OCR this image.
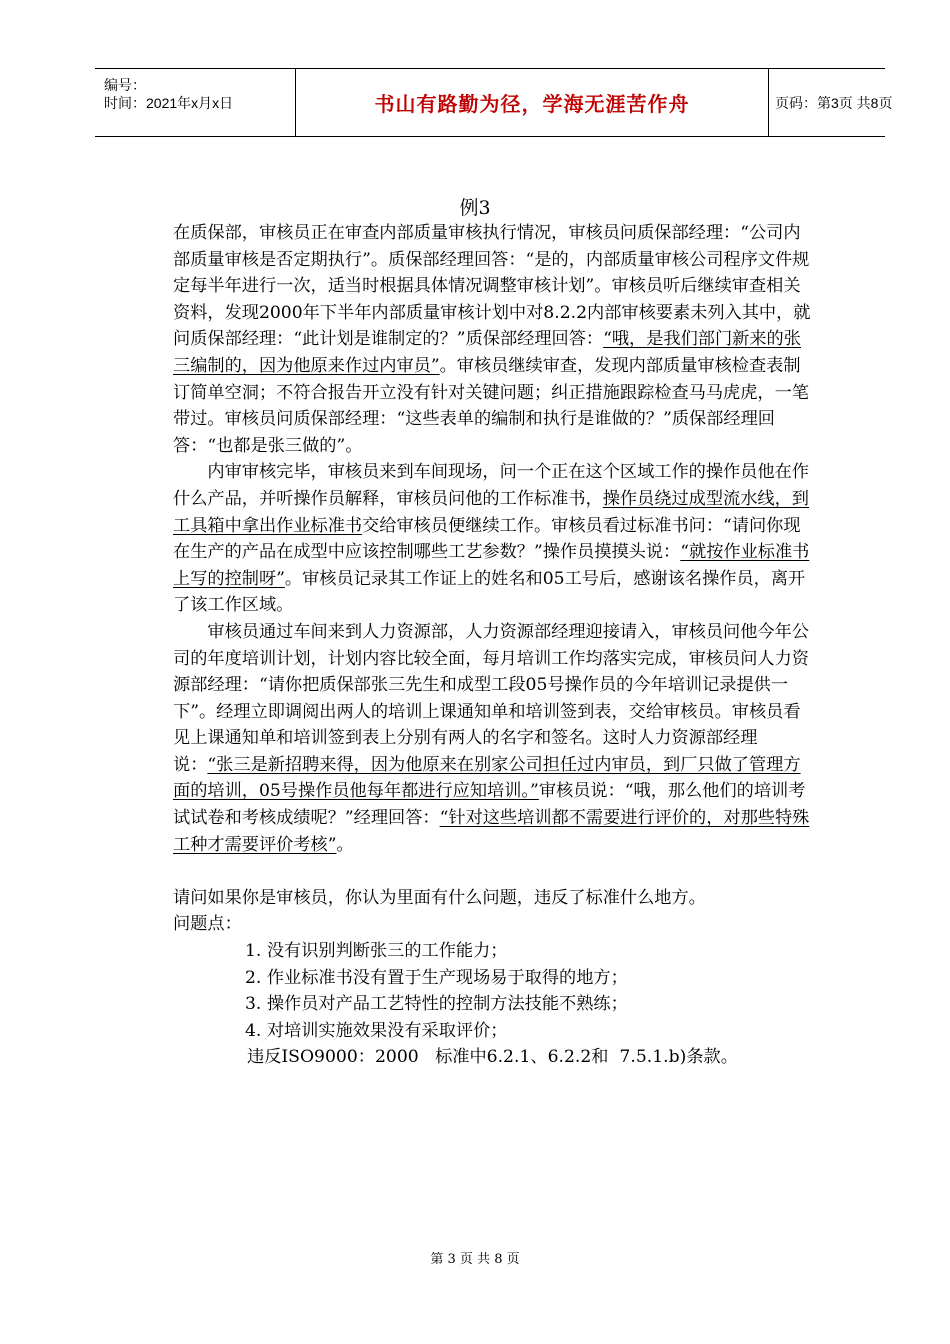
编号：
时间：2021年x月x日	书山有路勤为径，学海无涯苦作舟	页码：第3页 共8页
例3

在质保部，审核员正在审查内部质量审核执行情况，审核员问质保部经理：“公司内部质量审核是否定期执行”。质保部经理回答：“是的，内部质量审核公司程序文件规定每半年进行一次，适当时根据具体情况调整审核计划”。审核员听后继续审查相关资料，发现2000年下半年内部质量审核计划中对8.2.2内部审核要素未列入其中，就问质保部经理：“此计划是谁制定的？”质保部经理回答：“哦，是我们部门新来的张三编制的，因为他原来作过内审员”。审核员继续审查，发现内部质量审核检查表制订简单空洞；不符合报告开立没有针对关键问题；纠正措施跟踪检查马马虎虎，一笔带过。审核员问质保部经理：“这些表单的编制和执行是谁做的？”质保部经理回答：“也都是张三做的”。

内审审核完毕，审核员来到车间现场，问一个正在这个区域工作的操作员他在作什么产品，并听操作员解释，审核员问他的工作标准书，操作员绕过成型流水线，到工具箱中拿出作业标准书交给审核员便继续工作。审核员看过标准书问：“请问你现在生产的产品在成型中应该控制哪些工艺参数？”操作员摸摸头说：“就按作业标准书上写的控制呀”。审核员记录其工作证上的姓名和05工号后，感谢该名操作员，离开了该工作区域。

审核员通过车间来到人力资源部，人力资源部经理迎接请入，审核员问他今年公司的年度培训计划，计划内容比较全面，每月培训工作均落实完成，审核员问人力资源部经理：“请你把质保部张三先生和成型工段05号操作员的今年培训记录提供一下”。经理立即调阅出两人的培训上课通知单和培训签到表，交给审核员。审核员看见上课通知单和培训签到表上分别有两人的名字和签名。这时人力资源部经理说：“张三是新招聘来得，因为他原来在别家公司担任过内审员，到厂只做了管理方面的培训，05号操作员他每年都进行应知培训。”审核员说：“哦，那么他们的培训考试试卷和考核成绩呢？”经理回答：“针对这些培训都不需要进行评价的，对那些特殊工种才需要评价考核”。

请问如果你是审核员，你认为里面有什么问题，违反了标准什么地方。

问题点：

1. 没有识别判断张三的工作能力；
2. 作业标准书没有置于生产现场易于取得的地方；
3. 操作员对产品工艺特性的控制方法技能不熟练；
4. 对培训实施效果没有采取评价；

违反ISO9000：2000   标准中6.2.1、6.2.2和  7.5.1.b)条款。

第 3 页 共 8 页
